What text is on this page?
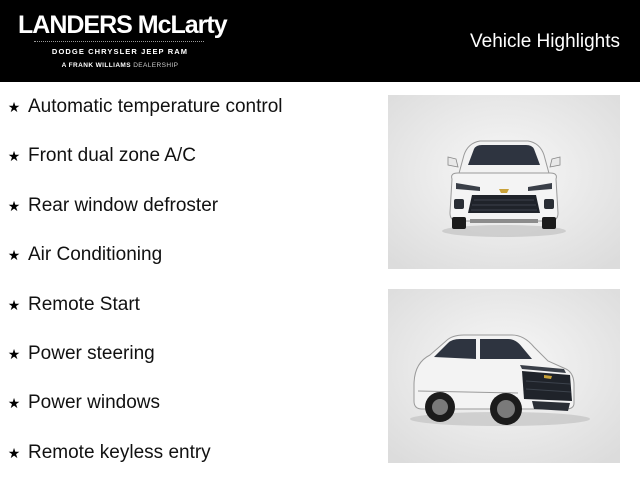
LANDERS McLarty
DODGE CHRYSLER JEEP RAM
A FRANK WILLIAMS DEALERSHIP
Vehicle Highlights
★ Automatic temperature control
★ Front dual zone A/C
★ Rear window defroster
★ Air Conditioning
★ Remote Start
★ Power steering
★ Power windows
★ Remote keyless entry
